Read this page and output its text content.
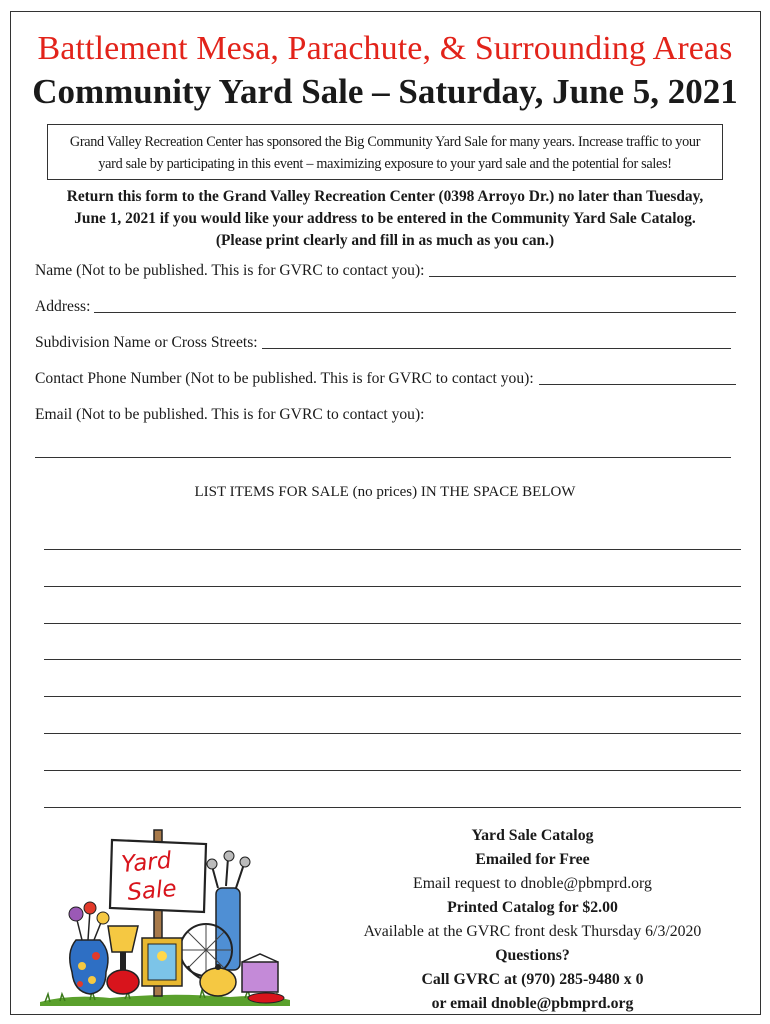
Battlement Mesa, Parachute, & Surrounding Areas
Community Yard Sale – Saturday, June 5, 2021
Grand Valley Recreation Center has sponsored the Big Community Yard Sale for many years. Increase traffic to your
yard sale by participating in this event – maximizing exposure to your yard sale and the potential for sales!
Return this form to the Grand Valley Recreation Center (0398 Arroyo Dr.) no later than Tuesday,
June 1, 2021 if you would like your address to be entered in the Community Yard Sale Catalog.
(Please print clearly and fill in as much as you can.)
Name (Not to be published. This is for GVRC to contact you):
Address:
Subdivision Name or Cross Streets:
Contact Phone Number (Not to be published. This is for GVRC to contact you):
Email (Not to be published. This is for GVRC to contact you):
LIST ITEMS FOR SALE (no prices) IN THE SPACE BELOW
Yard
Sale
Yard Sale Catalog
Emailed for Free
Email request to dnoble@pbmprd.org
Printed Catalog for $2.00
Available at the GVRC front desk Thursday 6/3/2020
Questions?
Call GVRC at (970) 285-9480 x 0
or email dnoble@pbmprd.org
